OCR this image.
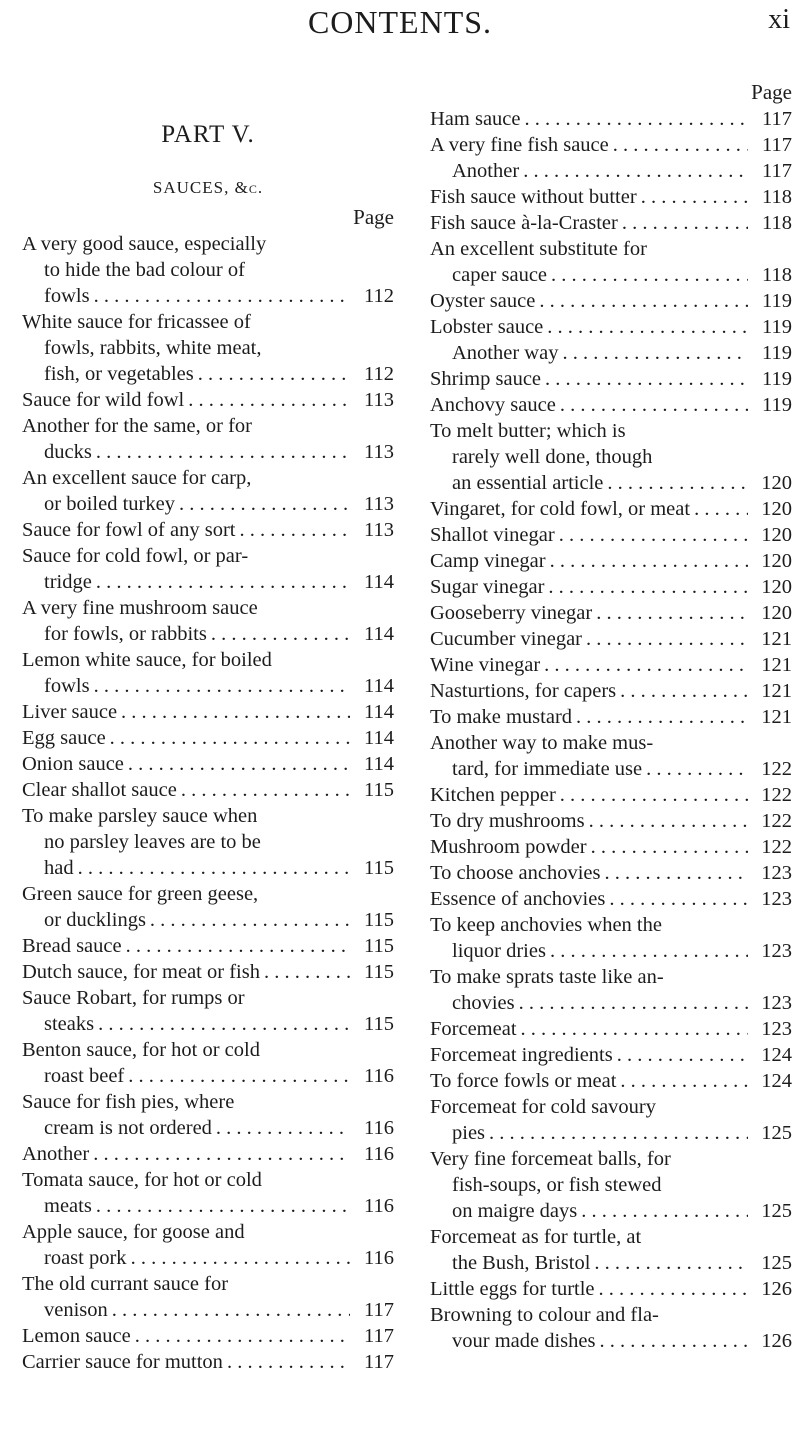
CONTENTS.	xi
PART V.
SAUCES, &c.
Page
A very good sauce, especially
to hide the bad colour of
fowls . . .	112
White sauce for fricassee of
fowls, rabbits, white meat,
fish, or vegetables . . .	112
Sauce for wild fowl . . .	113
Another for the same, or for
ducks . . .	113
An excellent sauce for carp,
or boiled turkey . . .	113
Sauce for fowl of any sort . . .	113
Sauce for cold fowl, or par-
tridge . . .	114
A very fine mushroom sauce
for fowls, or rabbits . . .	114
Lemon white sauce, for boiled
fowls . . .	114
Liver sauce . . .	114
Egg sauce . . .	114
Onion sauce . . .	114
Clear shallot sauce . . .	115
To make parsley sauce when
no parsley leaves are to be
had . . .	115
Green sauce for green geese,
or ducklings . . .	115
Bread sauce . . .	115
Dutch sauce, for meat or fish . . .	115
Sauce Robart, for rumps or
steaks . . .	115
Benton sauce, for hot or cold
roast beef . . .	116
Sauce for fish pies, where
cream is not ordered . . .	116
Another . . .	116
Tomata sauce, for hot or cold
meats . . .	116
Apple sauce, for goose and
roast pork . . .	116
The old currant sauce for
venison . . .	117
Lemon sauce . . .	117
Carrier sauce for mutton . . .	117
Page
Ham sauce . . .	117
A very fine fish sauce . . .	117
Another . . .	117
Fish sauce without butter . . .	118
Fish sauce à-la-Craster . . .	118
An excellent substitute for
caper sauce . . .	118
Oyster sauce . . .	119
Lobster sauce . . .	119
Another way . . .	119
Shrimp sauce . . .	119
Anchovy sauce . . .	119
To melt butter; which is
rarely well done, though
an essential article . . .	120
Vingaret, for cold fowl, or meat . . .	120
Shallot vinegar . . .	120
Camp vinegar . . .	120
Sugar vinegar . . .	120
Gooseberry vinegar . . .	120
Cucumber vinegar . . .	121
Wine vinegar . . .	121
Nasturtions, for capers . . .	121
To make mustard . . .	121
Another way to make mus-
tard, for immediate use . . .	122
Kitchen pepper . . .	122
To dry mushrooms . . .	122
Mushroom powder . . .	122
To choose anchovies . . .	123
Essence of anchovies . . .	123
To keep anchovies when the
liquor dries . . .	123
To make sprats taste like an-
chovies . . .	123
Forcemeat . . .	123
Forcemeat ingredients . . .	124
To force fowls or meat . . .	124
Forcemeat for cold savoury
pies . . .	125
Very fine forcemeat balls, for
fish-soups, or fish stewed
on maigre days . . .	125
Forcemeat as for turtle, at
the Bush, Bristol . . .	125
Little eggs for turtle . . .	126
Browning to colour and fla-
vour made dishes . . .	126
